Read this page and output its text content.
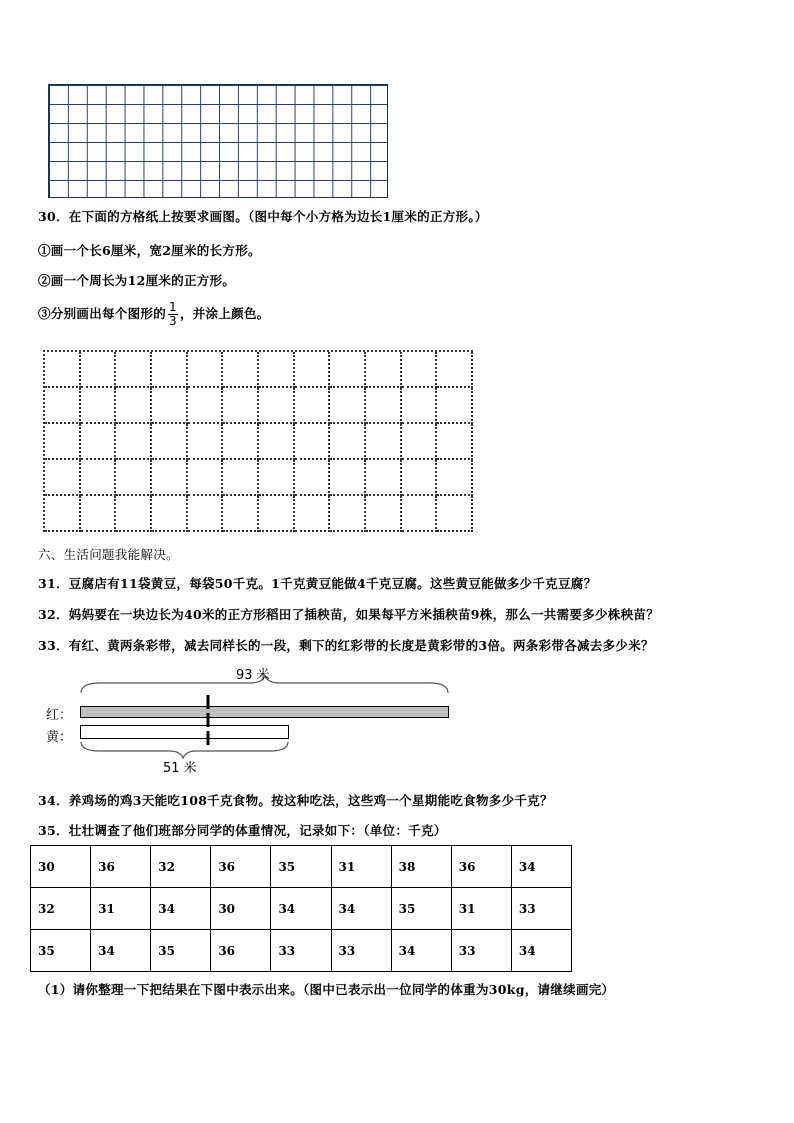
30．在下面的方格纸上按要求画图。（图中每个小方格为边长1厘米的正方形。）
①画一个长6厘米，宽2厘米的长方形。
②画一个周长为12厘米的正方形。
③分别画出每个图形的 $\frac{1}{3}$ ，并涂上颜色。
六、生活问题我能解决。
31．豆腐店有11袋黄豆，每袋50千克。1千克黄豆能做4千克豆腐。这些黄豆能做多少千克豆腐？
32．妈妈要在一块边长为40米的正方形稻田了插秧苗，如果每平方米插秧苗9株，那么一共需要多少株秧苗？
33．有红、黄两条彩带，减去同样长的一段，剩下的红彩带的长度是黄彩带的3倍。两条彩带各减去多少米？
93 米
红：
黄：
51 米
34．养鸡场的鸡3天能吃108千克食物。按这种吃法，这些鸡一个星期能吃食物多少千克？
35．壮壮调查了他们班部分同学的体重情况，记录如下：（单位：千克）
30	36	32	36	35	31	38	36	34
32	31	34	30	34	34	35	31	33
35	34	35	36	33	33	34	33	34
（1）请你整理一下把结果在下图中表示出来。（图中已表示出一位同学的体重为30kg，请继续画完）
